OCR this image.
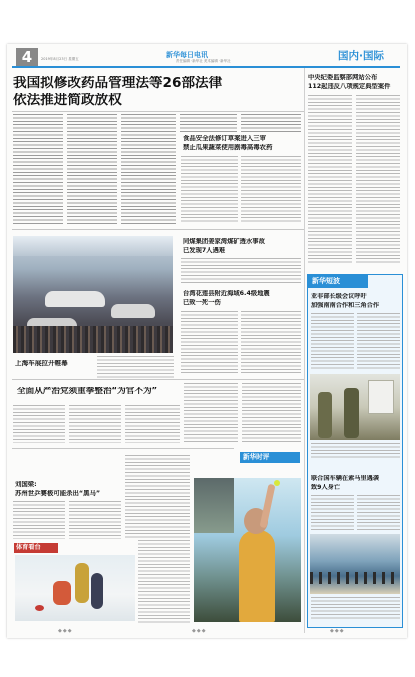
4	2019年8月23日 星期五	新华每日电讯
责任编辑 ·新华社 美术编辑 ·新华社	国内·国际
我国拟修改药品管理法等26部法律
依法推进简政放权
食品安全法修订草案进入三审
禁止瓜果蔬菜使用剧毒高毒农药
中央纪委监察部网站公布
112起违反八项规定典型案件
上海车展拉开帷幕
同煤集团姜家湾煤矿透水事故
已发现7人遇难
台湾花莲县附近海域6.4级地震
已致一死一伤
全面从严治党须重拳整治“为官不为”
新华时评
刘国梁:
苏州世乒赛极可能杀出“黑马”
体育看台
新华短波
亚非部长级会议呼吁
加强南南合作和三角合作
联合国车辆在索马里遇袭
致9人身亡
◆◆◆	◆◆◆	◆◆◆
